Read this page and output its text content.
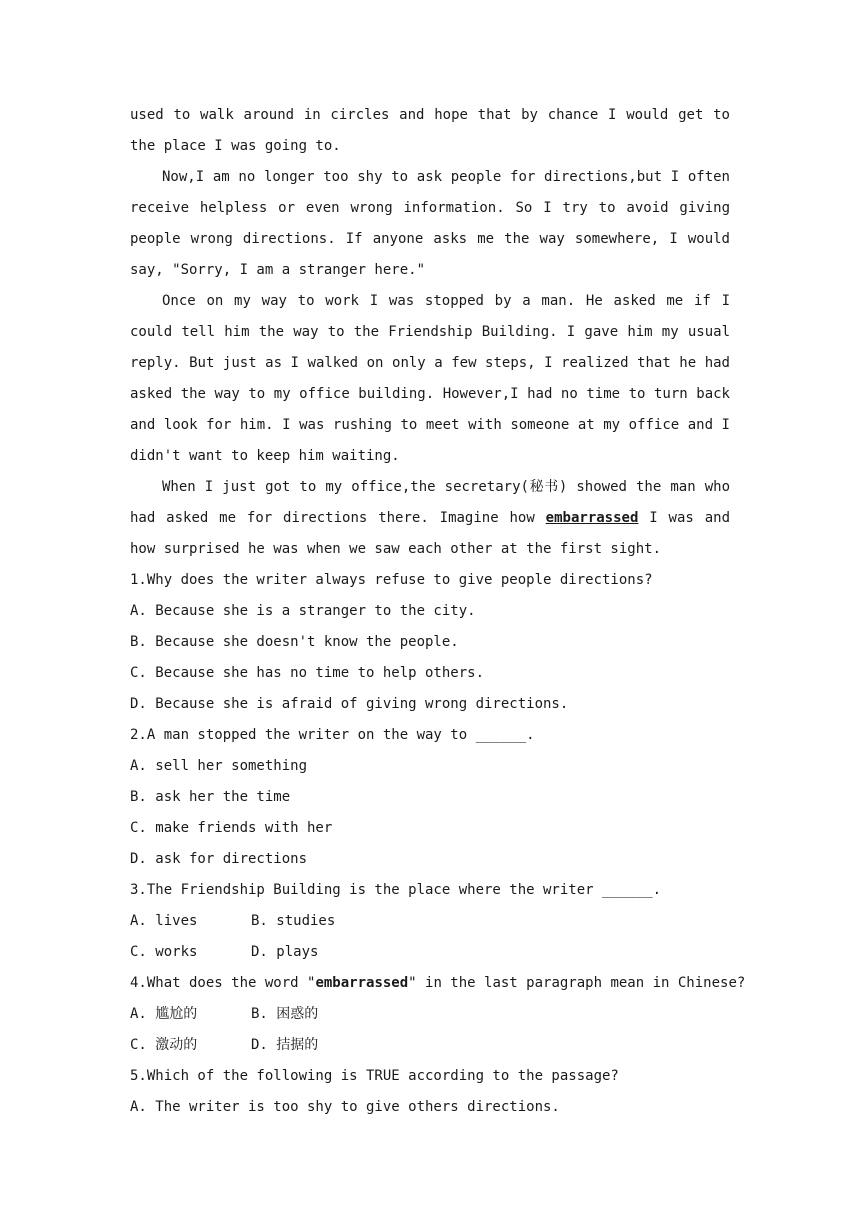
used to walk around in circles and hope that by chance I would get to the place I was going to.

Now,I am no longer too shy to ask people for directions,but I often receive helpless or even wrong information. So I try to avoid giving people wrong directions. If anyone asks me the way somewhere, I would say, "Sorry, I am a stranger here."

Once on my way to work I was stopped by a man. He asked me if I could tell him the way to the Friendship Building. I gave him my usual reply. But just as I walked on only a few steps, I realized that he had asked the way to my office building. However,I had no time to turn back and look for him. I was rushing to meet with someone at my office and I didn't want to keep him waiting.

When I just got to my office,the secretary(秘书) showed the man who had asked me for directions there. Imagine how embarrassed I was and how surprised he was when we saw each other at the first sight.

1.Why does the writer always refuse to give people directions?

A. Because she is a stranger to the city.

B. Because she doesn't know the people.

C. Because she has no time to help others.

D. Because she is afraid of giving wrong directions.

2.A man stopped the writer on the way to ______.

A. sell her something

B. ask her the time

C. make friends with her

D. ask for directions

3.The Friendship Building is the place where the writer ______.

A. lives	B. studies
C. works	D. plays

4.What does the word "embarrassed" in the last paragraph mean in Chinese?

A. 尴尬的	B. 困惑的
C. 激动的	D. 拮据的

5.Which of the following is TRUE according to the passage?

A. The writer is too shy to give others directions.
